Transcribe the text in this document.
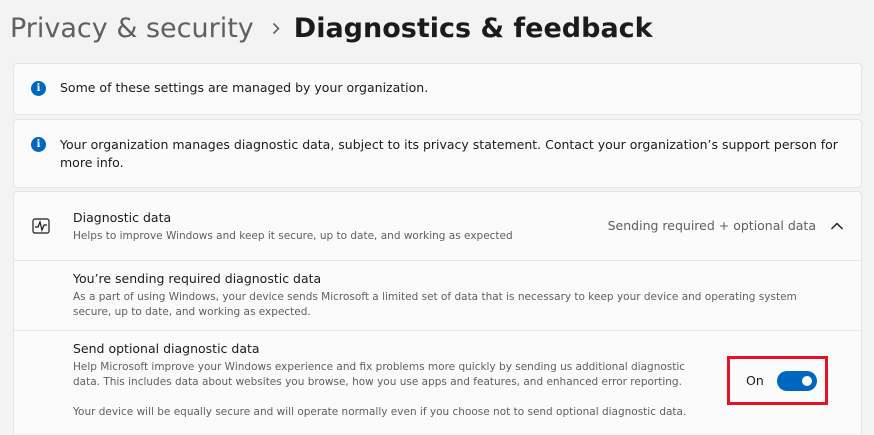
Privacy & security Diagnostics & feedback
i	Some of these settings are managed by your organization.
i	Your organization manages diagnostic data, subject to its privacy statement. Contact your organization’s support person for
more info.
Diagnostic data
Helps to improve Windows and keep it secure, up to date, and working as expected
Sending required + optional data
You’re sending required diagnostic data
As a part of using Windows, your device sends Microsoft a limited set of data that is necessary to keep your device and operating system
secure, up to date, and working as expected.
Send optional diagnostic data
Help Microsoft improve your Windows experience and fix problems more quickly by sending us additional diagnostic
data. This includes data about websites you browse, how you use apps and features, and enhanced error reporting.
Your device will be equally secure and will operate normally even if you choose not to send optional diagnostic data.
On
